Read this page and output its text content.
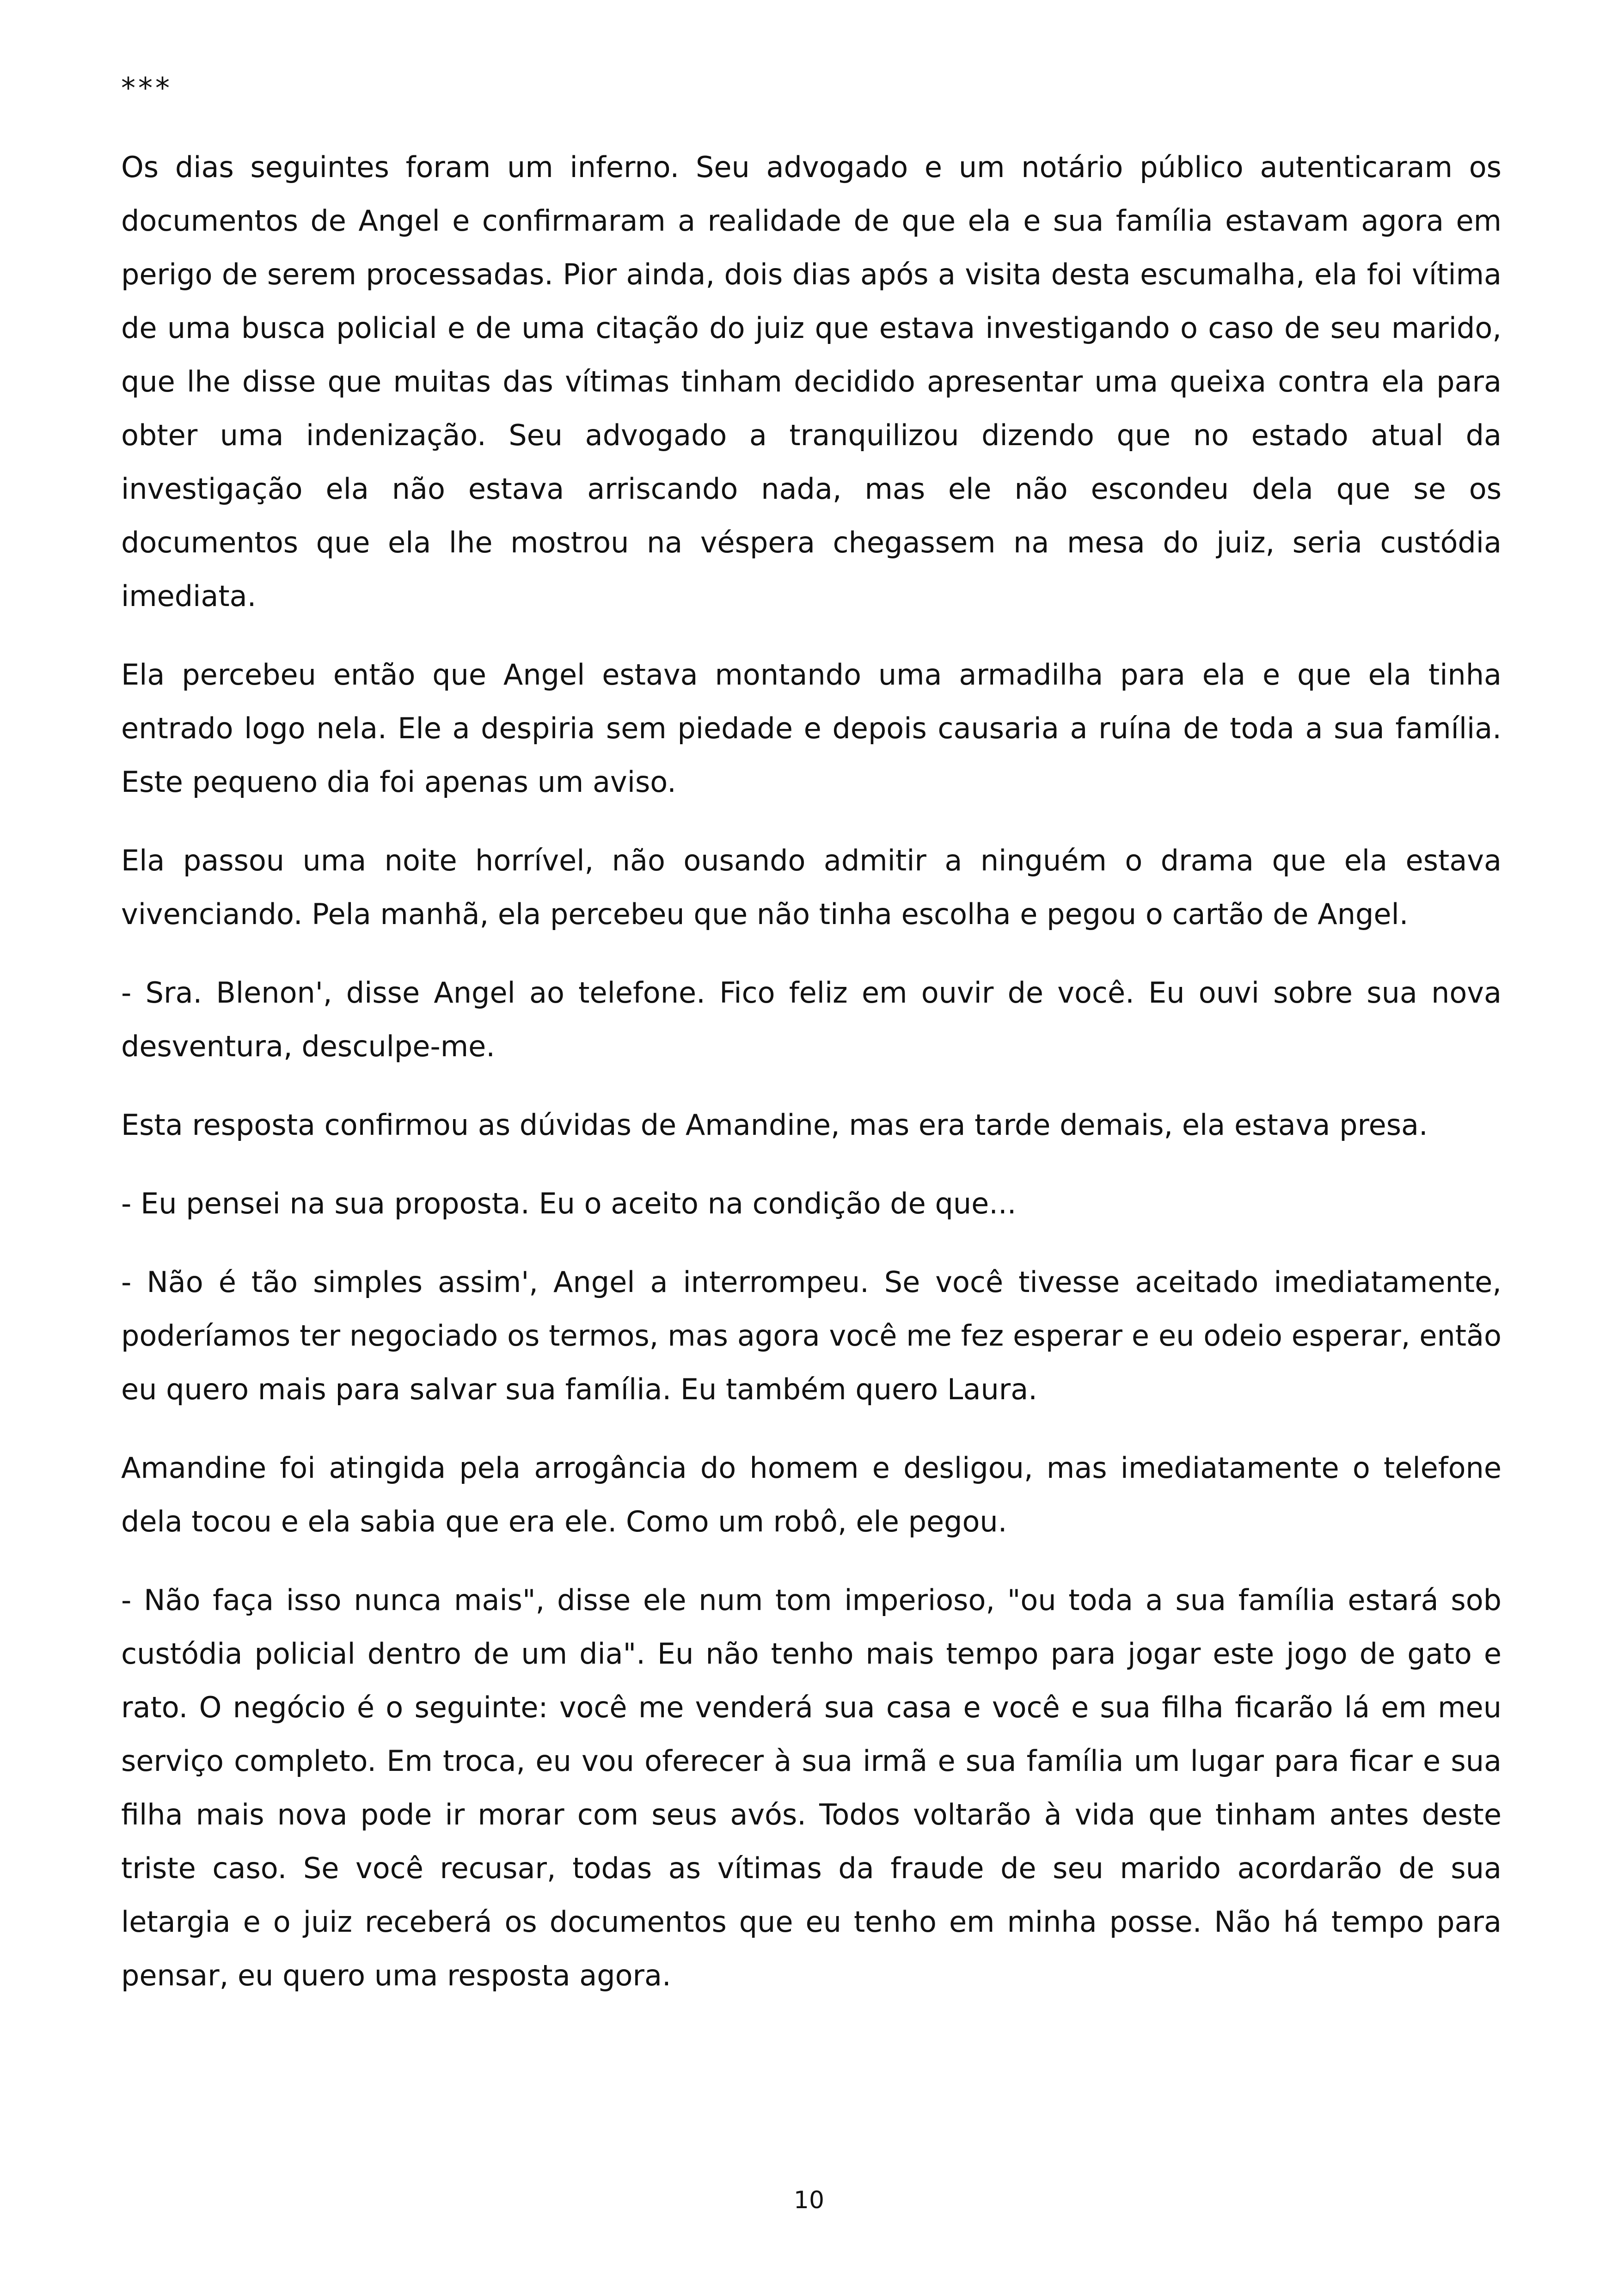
***

Os dias seguintes foram um inferno. Seu advogado e um notário público autenticaram os documentos de Angel e confirmaram a realidade de que ela e sua família estavam agora em perigo de serem processadas. Pior ainda, dois dias após a visita desta escumalha, ela foi vítima de uma busca policial e de uma citação do juiz que estava investigando o caso de seu marido, que lhe disse que muitas das vítimas tinham decidido apresentar uma queixa contra ela para obter uma indenização. Seu advogado a tranquilizou dizendo que no estado atual da investigação ela não estava arriscando nada, mas ele não escondeu dela que se os documentos que ela lhe mostrou na véspera chegassem na mesa do juiz, seria custódia imediata.

Ela percebeu então que Angel estava montando uma armadilha para ela e que ela tinha entrado logo nela. Ele a despiria sem piedade e depois causaria a ruína de toda a sua família. Este pequeno dia foi apenas um aviso.

Ela passou uma noite horrível, não ousando admitir a ninguém o drama que ela estava vivenciando. Pela manhã, ela percebeu que não tinha escolha e pegou o cartão de Angel.

- Sra. Blenon', disse Angel ao telefone. Fico feliz em ouvir de você. Eu ouvi sobre sua nova desventura, desculpe-me.

Esta resposta confirmou as dúvidas de Amandine, mas era tarde demais, ela estava presa.

- Eu pensei na sua proposta. Eu o aceito na condição de que...

- Não é tão simples assim', Angel a interrompeu. Se você tivesse aceitado imediatamente, poderíamos ter negociado os termos, mas agora você me fez esperar e eu odeio esperar, então eu quero mais para salvar sua família. Eu também quero Laura.

Amandine foi atingida pela arrogância do homem e desligou, mas imediatamente o telefone dela tocou e ela sabia que era ele. Como um robô, ele pegou.

- Não faça isso nunca mais", disse ele num tom imperioso, "ou toda a sua família estará sob custódia policial dentro de um dia". Eu não tenho mais tempo para jogar este jogo de gato e rato. O negócio é o seguinte: você me venderá sua casa e você e sua filha ficarão lá em meu serviço completo. Em troca, eu vou oferecer à sua irmã e sua família um lugar para ficar e sua filha mais nova pode ir morar com seus avós. Todos voltarão à vida que tinham antes deste triste caso. Se você recusar, todas as vítimas da fraude de seu marido acordarão de sua letargia e o juiz receberá os documentos que eu tenho em minha posse. Não há tempo para pensar, eu quero uma resposta agora.

10
